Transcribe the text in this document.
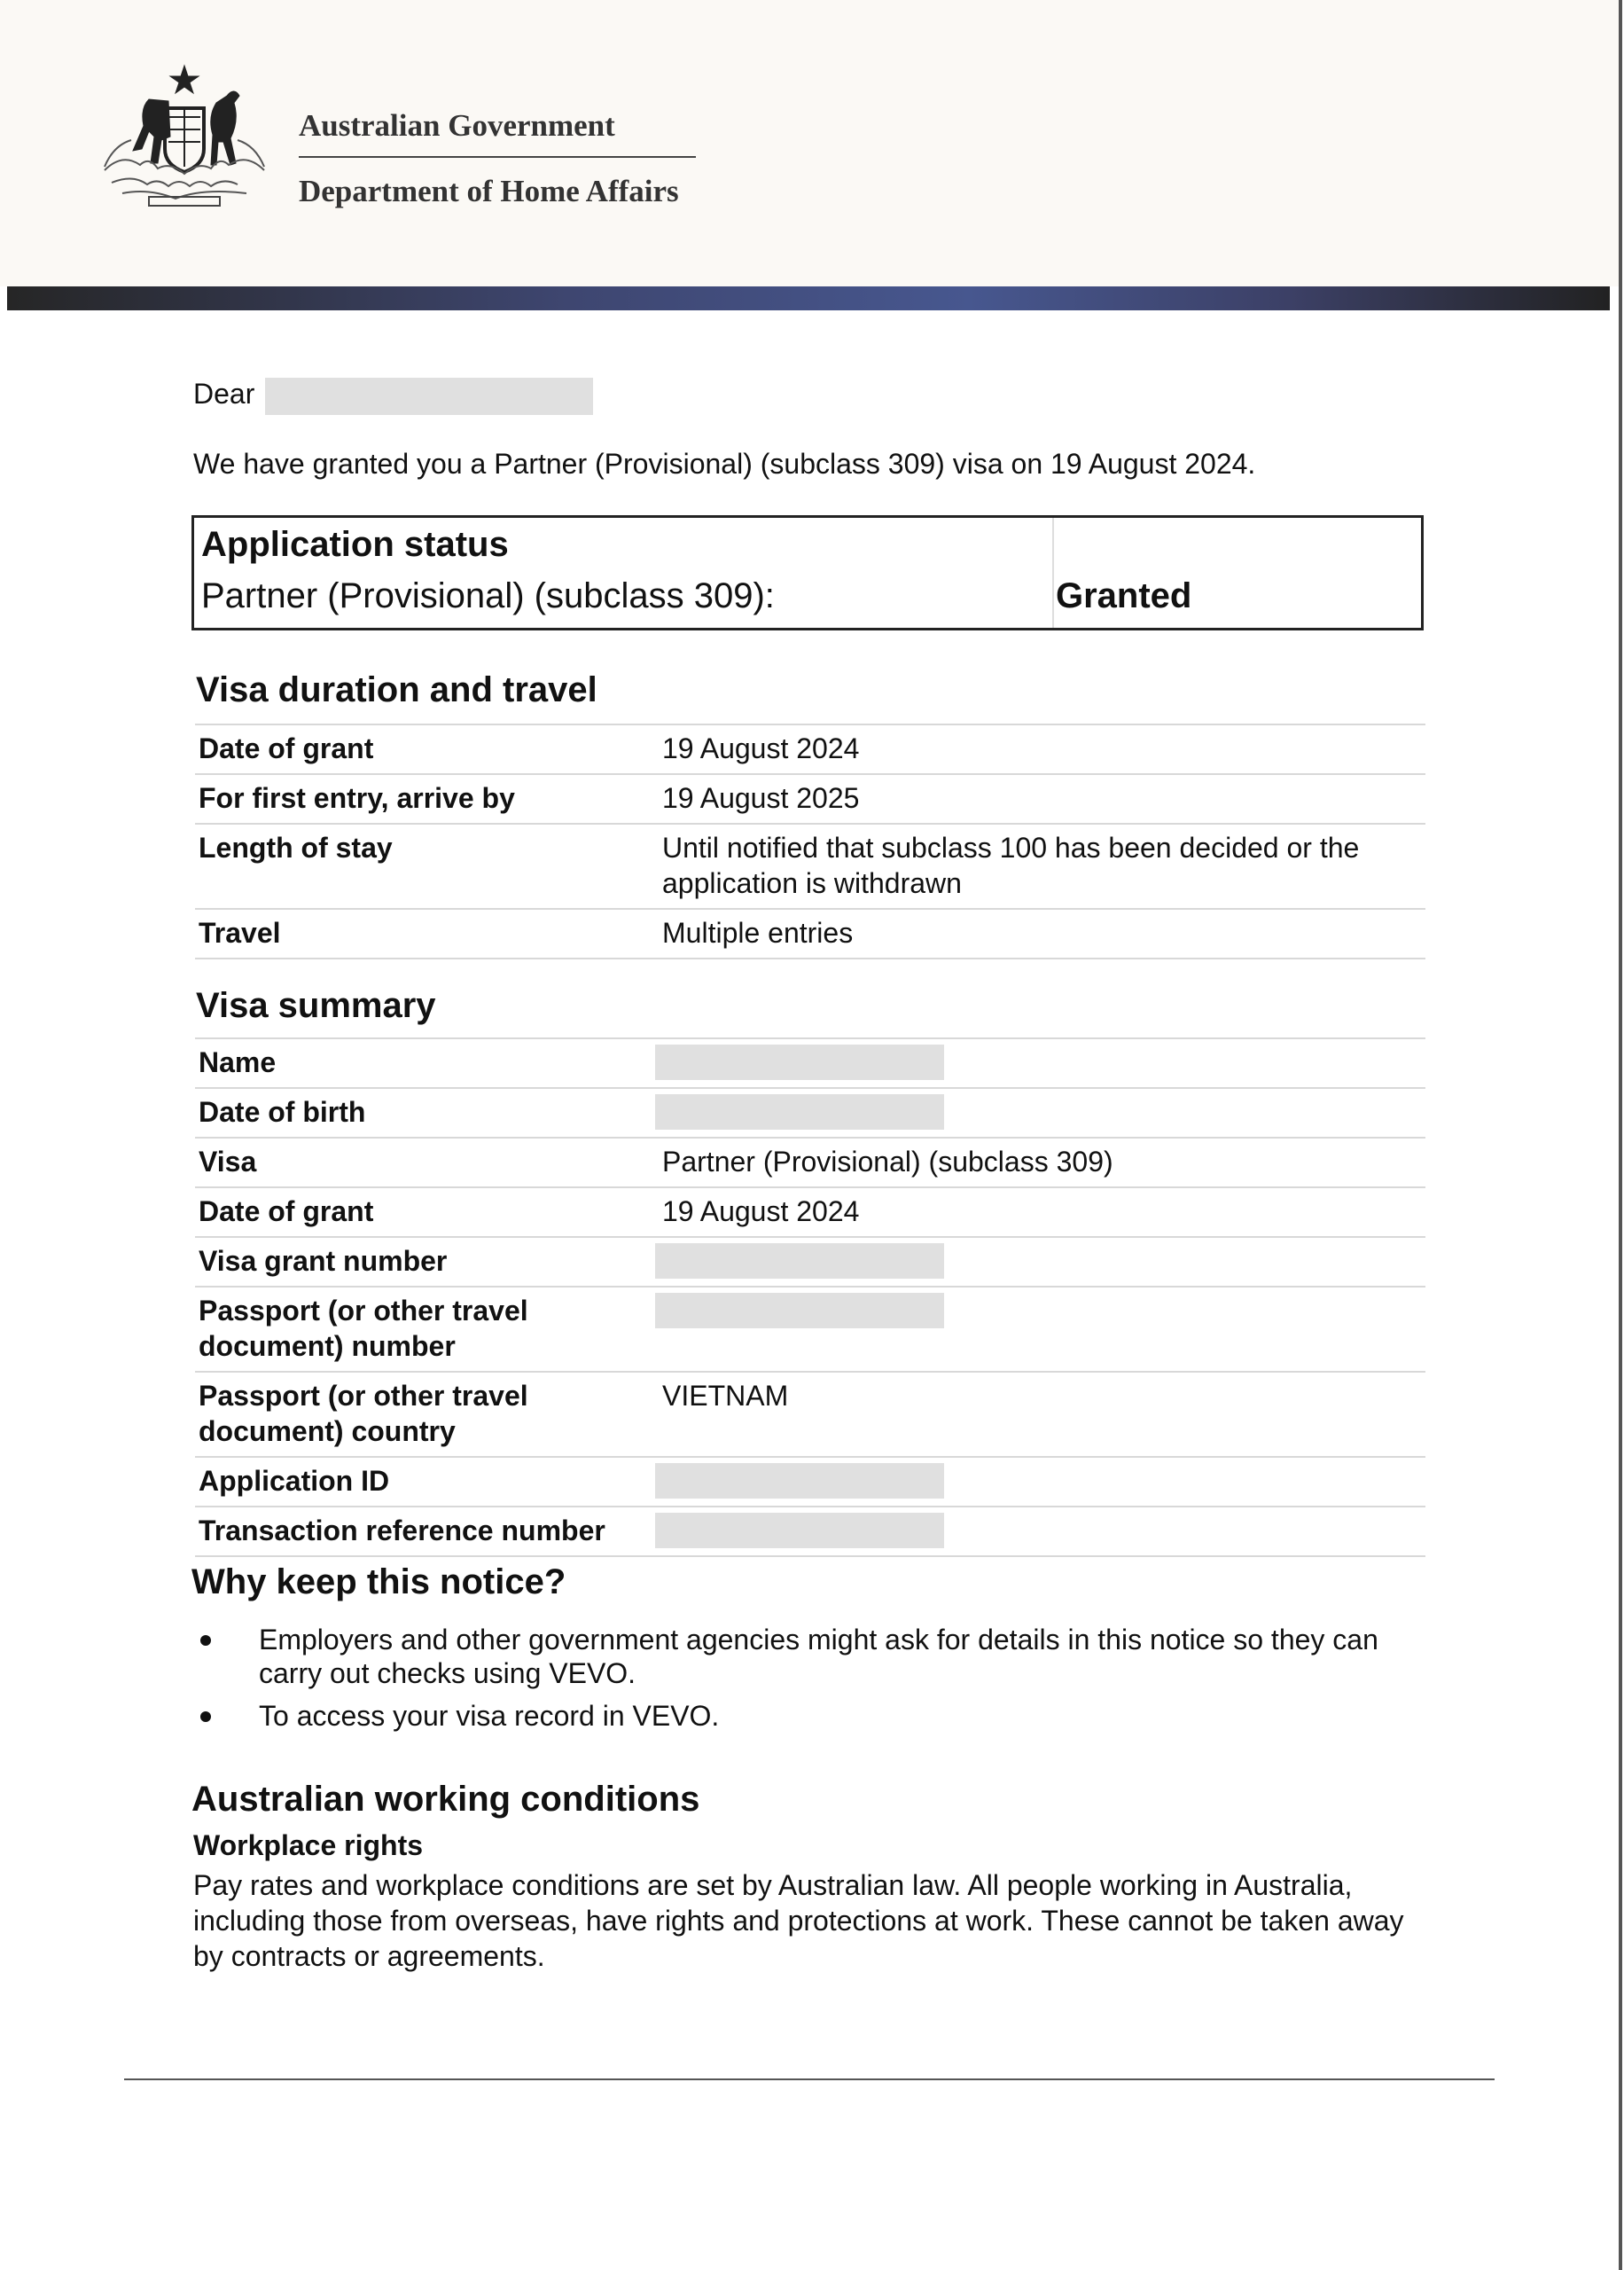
Australian Government
Department of Home Affairs
Dear
We have granted you a Partner (Provisional) (subclass 309) visa on 19 August 2024.
Application status
Partner (Provisional) (subclass 309):	Granted
Visa duration and travel
Date of grant	19 August 2024
For first entry, arrive by	19 August 2025
Length of stay	Until notified that subclass 100 has been decided or the application is withdrawn
Travel	Multiple entries
Visa summary
Name	
Date of birth	
Visa	Partner (Provisional) (subclass 309)
Date of grant	19 August 2024
Visa grant number	
Passport (or other travel document) number	
Passport (or other travel document) country	VIETNAM
Application ID	
Transaction reference number	
Why keep this notice?
Employers and other government agencies might ask for details in this notice so they can carry out checks using VEVO.
To access your visa record in VEVO.
Australian working conditions
Workplace rights
Pay rates and workplace conditions are set by Australian law. All people working in Australia, including those from overseas, have rights and protections at work. These cannot be taken away by contracts or agreements.
